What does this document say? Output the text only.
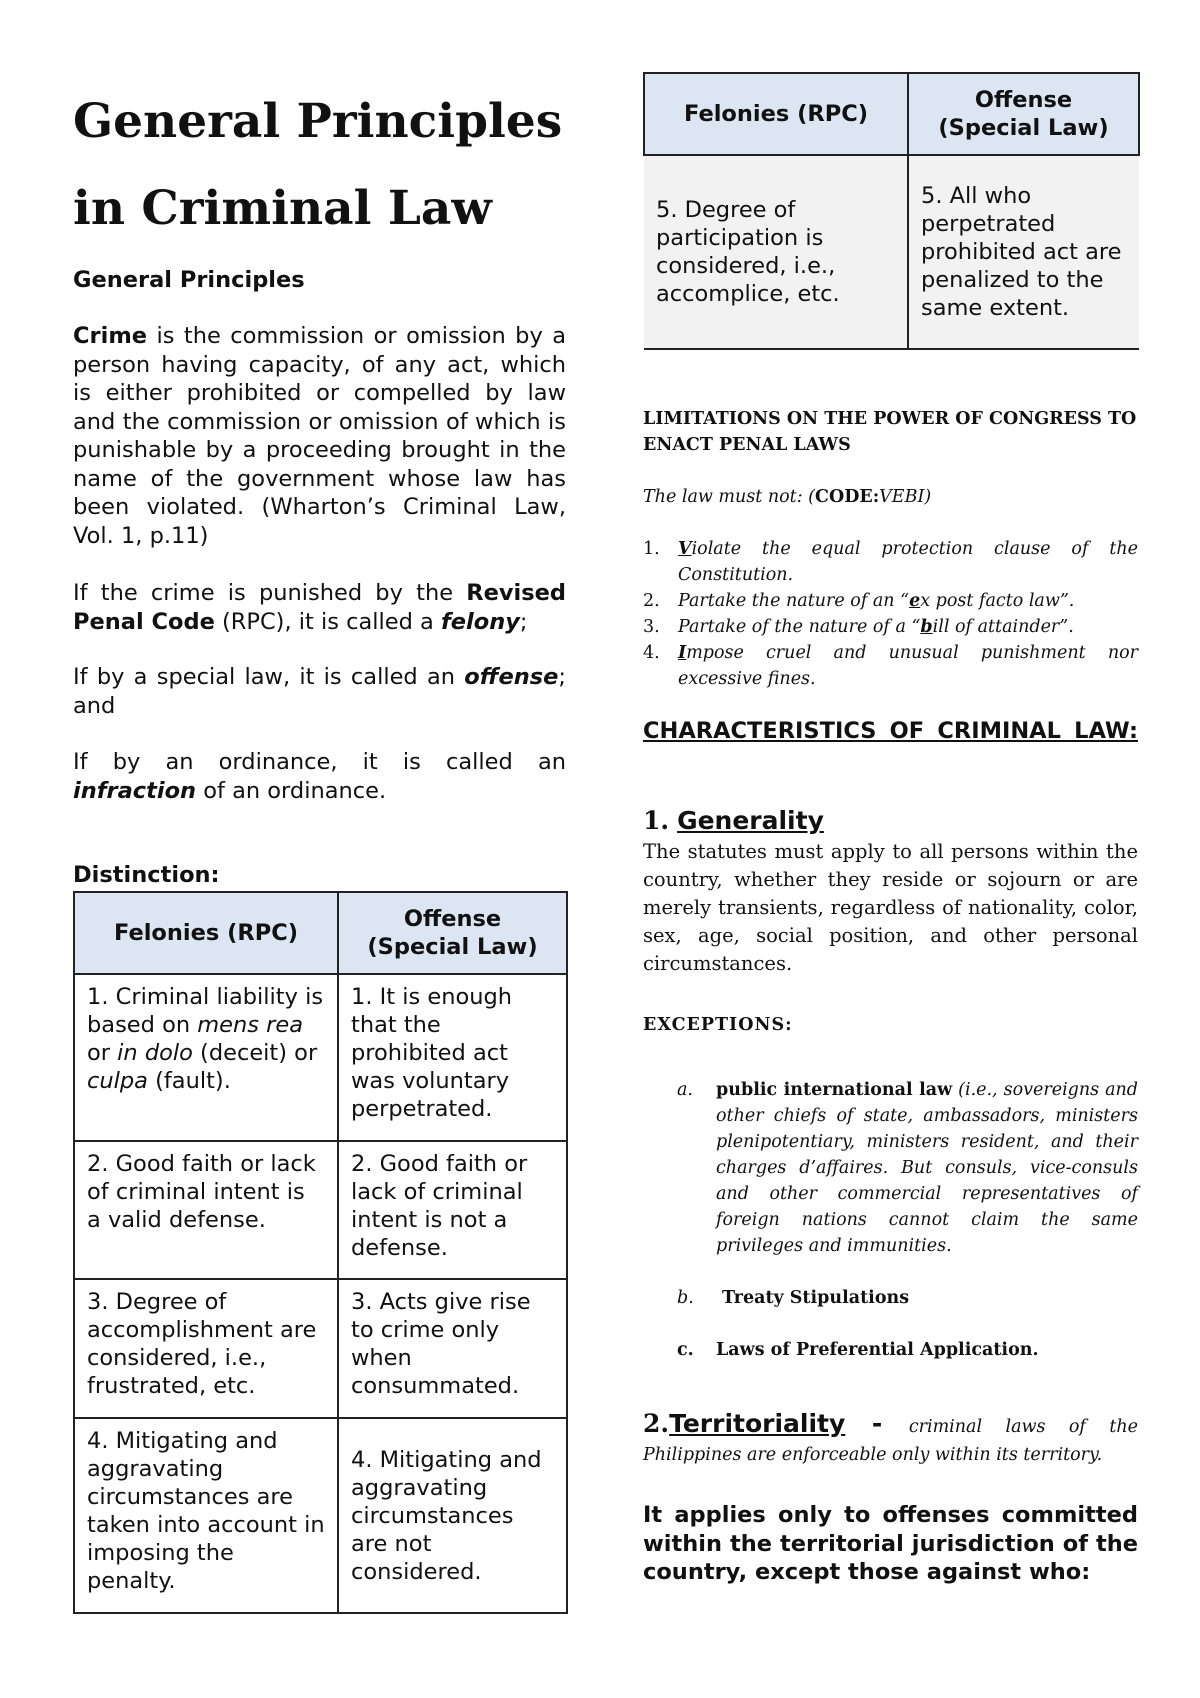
General Principles
in Criminal Law
General Principles
Crime is the commission or omission by a person having capacity, of any act, which is either prohibited or compelled by law and the commission or omission of which is punishable by a proceeding brought in the name of the government whose law has been violated. (Wharton’s Criminal Law, Vol. 1, p.11)
If the crime is punished by the Revised Penal Code (RPC), it is called a felony;
If by a special law, it is called an offense; and
If by an ordinance, it is called an infraction of an ordinance.
Distinction:
Felonies (RPC)	Offense
(Special Law)
1. Criminal liability is based on mens rea or in dolo (deceit) or culpa (fault).	1. It is enough that the prohibited act was voluntary perpetrated.
2. Good faith or lack of criminal intent is a valid defense.	2. Good faith or lack of criminal intent is not a defense.
3. Degree of accomplishment are considered, i.e., frustrated, etc.	3. Acts give rise to crime only when consummated.
4. Mitigating and aggravating circumstances are taken into account in imposing the penalty.	4. Mitigating and aggravating circumstances are not considered.
Felonies (RPC)	Offense
(Special Law)
5. Degree of participation is considered, i.e., accomplice, etc.	5. All who perpetrated prohibited act are penalized to the same extent.
LIMITATIONS ON THE POWER OF CONGRESS TO ENACT PENAL LAWS
The law must not: (CODE:VEBI)
1. Violate the equal protection clause of the Constitution.
2. Partake the nature of an “ex post facto law”.
3. Partake of the nature of a “bill of attainder”.
4. Impose cruel and unusual punishment nor excessive fines.
CHARACTERISTICS OF CRIMINAL LAW:
1. Generality
The statutes must apply to all persons within the country, whether they reside or sojourn or are merely transients, regardless of nationality, color, sex, age, social position, and other personal circumstances.
EXCEPTIONS:
a. public international law (i.e., sovereigns and other chiefs of state, ambassadors, ministers plenipotentiary, ministers resident, and their charges d’affaires. But consuls, vice-consuls and other commercial representatives of foreign nations cannot claim the same privileges and immunities.
b. Treaty Stipulations
c. Laws of Preferential Application.
2.Territoriality - criminal laws of the Philippines are enforceable only within its territory.
It applies only to offenses committed within the territorial jurisdiction of the country, except those against who:
